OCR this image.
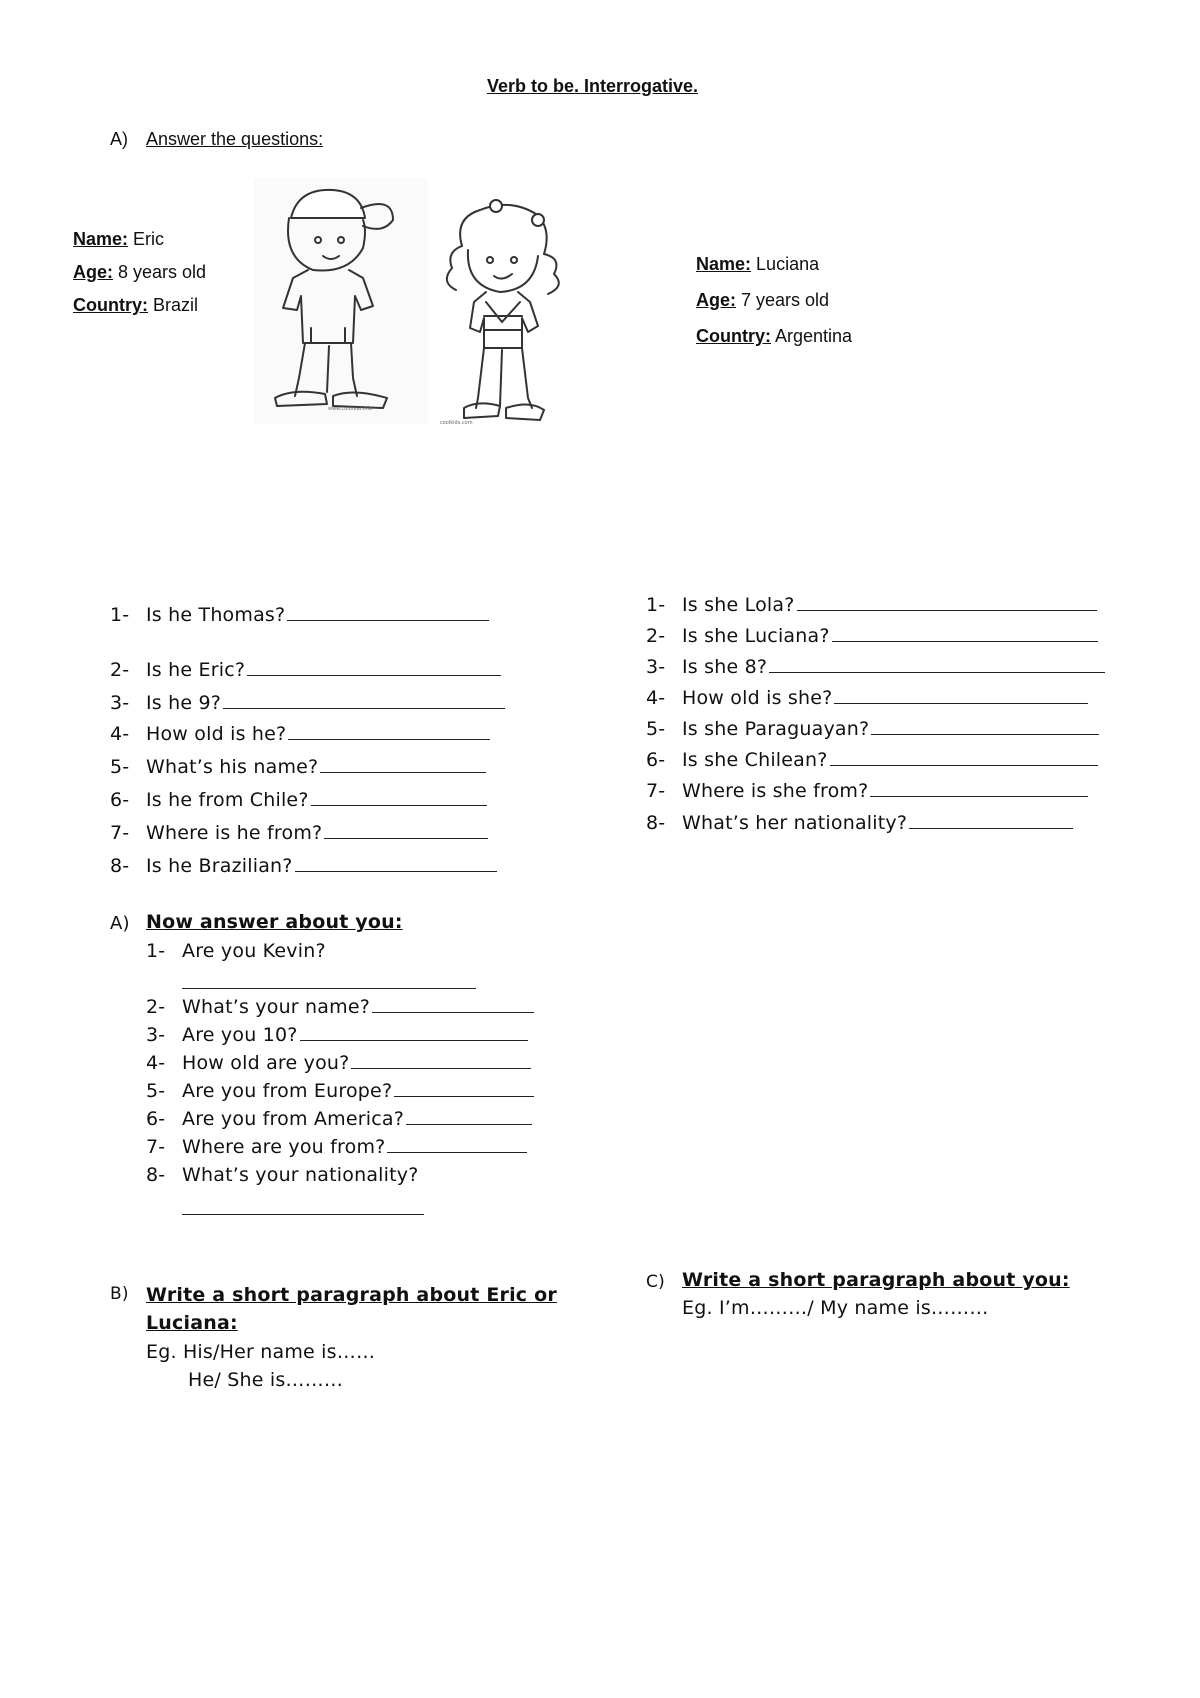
Verb to be. Interrogative.
A) Answer the questions:
Name: Eric
Age: 8 years old
Country: Brazil
Name: Luciana
Age: 7 years old
Country: Argentina
www.colorear.info
coolkids.com
1- Is he Thomas?
2- Is he Eric?
3- Is he 9?
4- How old is he?
5- What’s his name?
6- Is he from Chile?
7- Where is he from?
8- Is he Brazilian?
1- Is she Lola?
2- Is she Luciana?
3- Is she 8?
4- How old is she?
5- Is she Paraguayan?
6- Is she Chilean?
7- Where is she from?
8- What’s her nationality?
A) Now answer about you:
1- Are you Kevin?
2- What’s your name?
3- Are you 10?
4- How old are you?
5- Are you from Europe?
6- Are you from America?
7- Where are you from?
8- What’s your nationality?
B) Write a short paragraph about Eric or
Luciana:
Eg. His/Her name is……
He/ She is………
C) Write a short paragraph about you:
Eg. I’m………/ My name is………
